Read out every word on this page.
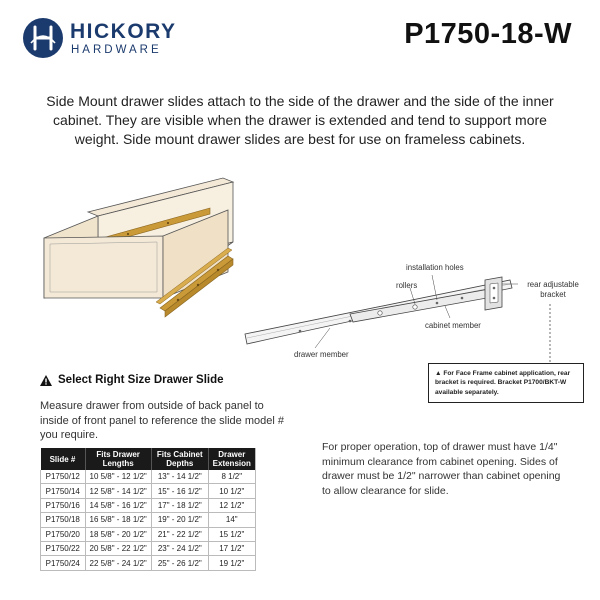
HICKORY
HARDWARE	P1750-18-W
Side Mount drawer slides attach to the side of the drawer and the side of the inner cabinet. They are visible when the drawer is extended and tend to support more weight. Side mount drawer slides are best for use on frameless cabinets.
installation holes
rollers	rear adjustable bracket
cabinet member
drawer member
▲ For Face Frame cabinet application, rear bracket is required. Bracket P1700/BKT-W available separately.
Select Right Size Drawer Slide
Measure drawer from outside of back panel to inside of front panel to reference the slide model # you require.
Slide #	Fits Drawer Lengths	Fits Cabinet Depths	Drawer Extension
P1750/12	10 5/8" - 12 1/2"	13" - 14 1/2"	8 1/2"
P1750/14	12 5/8" - 14 1/2"	15" - 16 1/2"	10 1/2"
P1750/16	14 5/8" - 16 1/2"	17" - 18 1/2"	12 1/2"
P1750/18	16 5/8" - 18 1/2"	19" - 20 1/2"	14"
P1750/20	18 5/8" - 20 1/2"	21" - 22 1/2"	15 1/2"
P1750/22	20 5/8" - 22 1/2"	23" - 24 1/2"	17 1/2"
P1750/24	22 5/8" - 24 1/2"	25" - 26 1/2"	19 1/2"
For proper operation, top of drawer must have 1/4" minimum clearance from cabinet opening. Sides of drawer must be 1/2" narrower than cabinet opening to allow clearance for slide.
